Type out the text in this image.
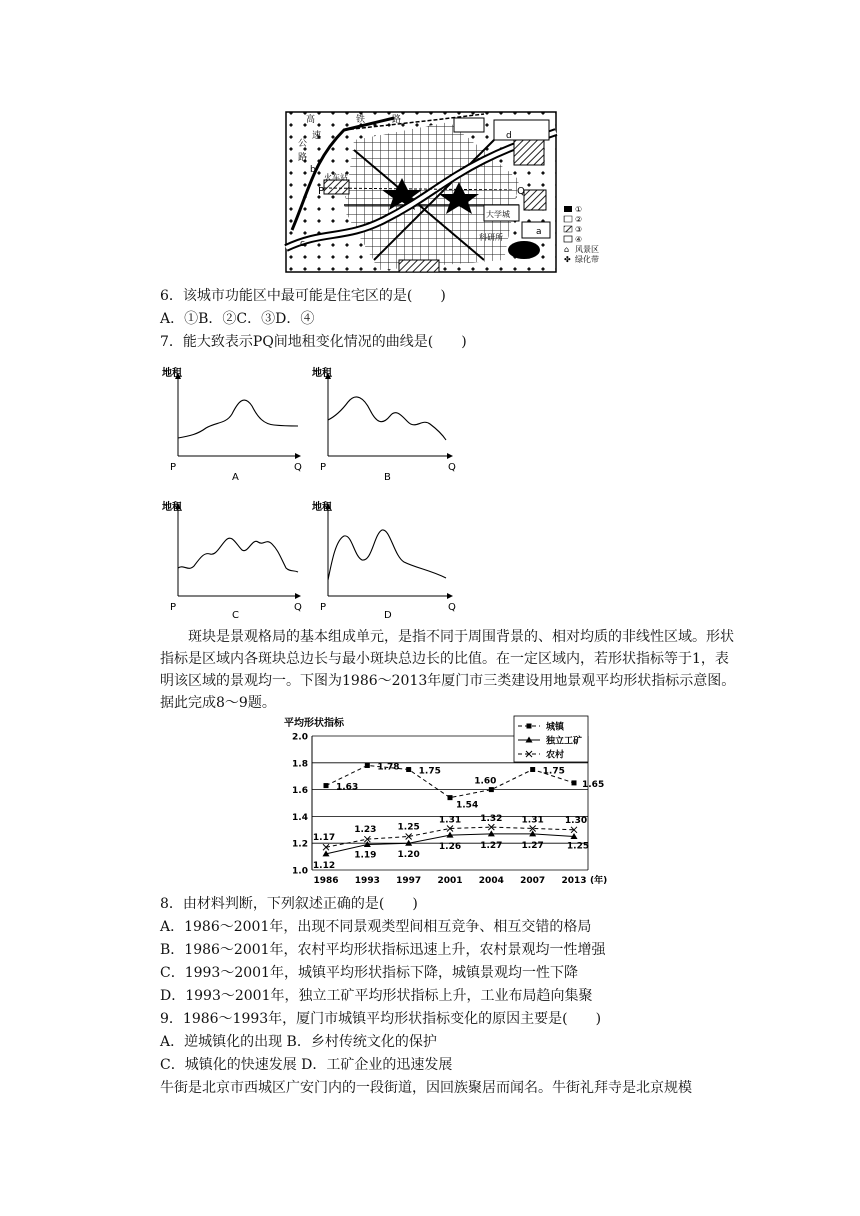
高	铁	路
速
公
路
火车站
大学城
科研所
P	Q
a
b
c
d
①
②
③
④
⌂ 风景区
✤ 绿化带
6．该城市功能区中最可能是住宅区的是(　　)
A．①B．②C．③D．④
7．能大致表示PQ间地租变化情况的曲线是(　　)
地租
P	Q
A
地租
P	Q
B
地租
P	Q
C
地租
P	Q
D

斑块是景观格局的基本组成单元，是指不同于周围背景的、相对均质的非线性区域。形状指标是区域内各斑块总边长与最小斑块总边长的比值。在一定区域内，若形状指标等于1，表明该区域的景观均一。下图为1986～2013年厦门市三类建设用地景观平均形状指标示意图。据此完成8～9题。

平均形状指标
1.0
1.2
1.4
1.6
1.8
2.0
1986 1993 1997 2001 2004 2007 2013 (年)
1.63
1.78 1.75
1.54
1.60
1.75
1.65
1.12
1.19 1.20
1.26 1.27 1.27	1.25
1.17
1.23 1.25
1.31 1.32 1.31 1.30
城镇
独立工矿
农村
8．由材料判断，下列叙述正确的是(　　)
A．1986～2001年，出现不同景观类型间相互竞争、相互交错的格局
B．1986～2001年，农村平均形状指标迅速上升，农村景观均一性增强
C．1993～2001年，城镇平均形状指标下降，城镇景观均一性下降
D．1993～2001年，独立工矿平均形状指标上升，工业布局趋向集聚
9．1986～1993年，厦门市城镇平均形状指标变化的原因主要是(　　)
A．逆城镇化的出现 B．乡村传统文化的保护
C．城镇化的快速发展 D．工矿企业的迅速发展
牛街是北京市西城区广安门内的一段街道，因回族聚居而闻名。牛街礼拜寺是北京规模
